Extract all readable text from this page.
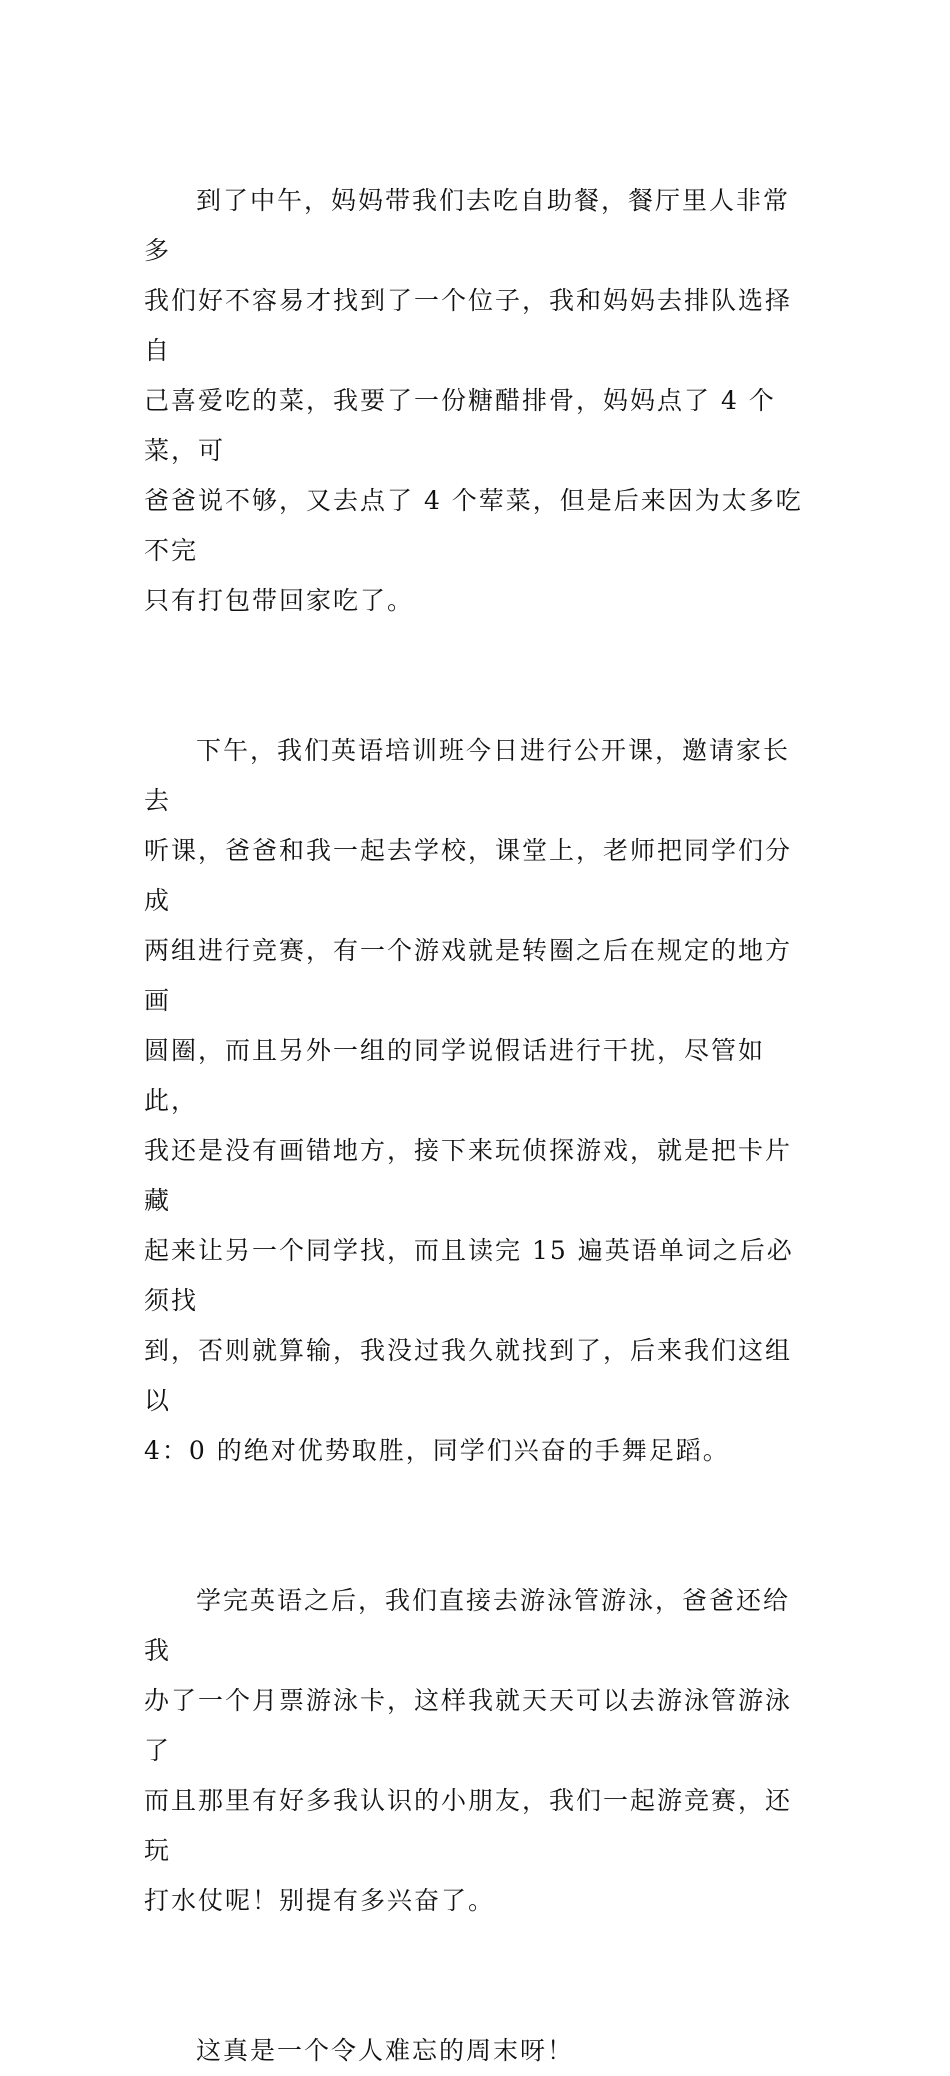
到了中午，妈妈带我们去吃自助餐，餐厅里人非常多
我们好不容易才找到了一个位子，我和妈妈去排队选择自
己喜爱吃的菜，我要了一份糖醋排骨，妈妈点了 4 个菜，可
爸爸说不够，又去点了 4 个荤菜，但是后来因为太多吃不完
只有打包带回家吃了。
下午，我们英语培训班今日进行公开课，邀请家长去
听课，爸爸和我一起去学校，课堂上，老师把同学们分成
两组进行竞赛，有一个游戏就是转圈之后在规定的地方画
圆圈，而且另外一组的同学说假话进行干扰，尽管如此，
我还是没有画错地方，接下来玩侦探游戏，就是把卡片藏
起来让另一个同学找，而且读完 15 遍英语单词之后必须找
到，否则就算输，我没过我久就找到了，后来我们这组以
4：0 的绝对优势取胜，同学们兴奋的手舞足蹈。
学完英语之后，我们直接去游泳管游泳，爸爸还给我
办了一个月票游泳卡，这样我就天天可以去游泳管游泳了
而且那里有好多我认识的小朋友，我们一起游竞赛，还玩
打水仗呢！别提有多兴奋了。
这真是一个令人难忘的周末呀！
